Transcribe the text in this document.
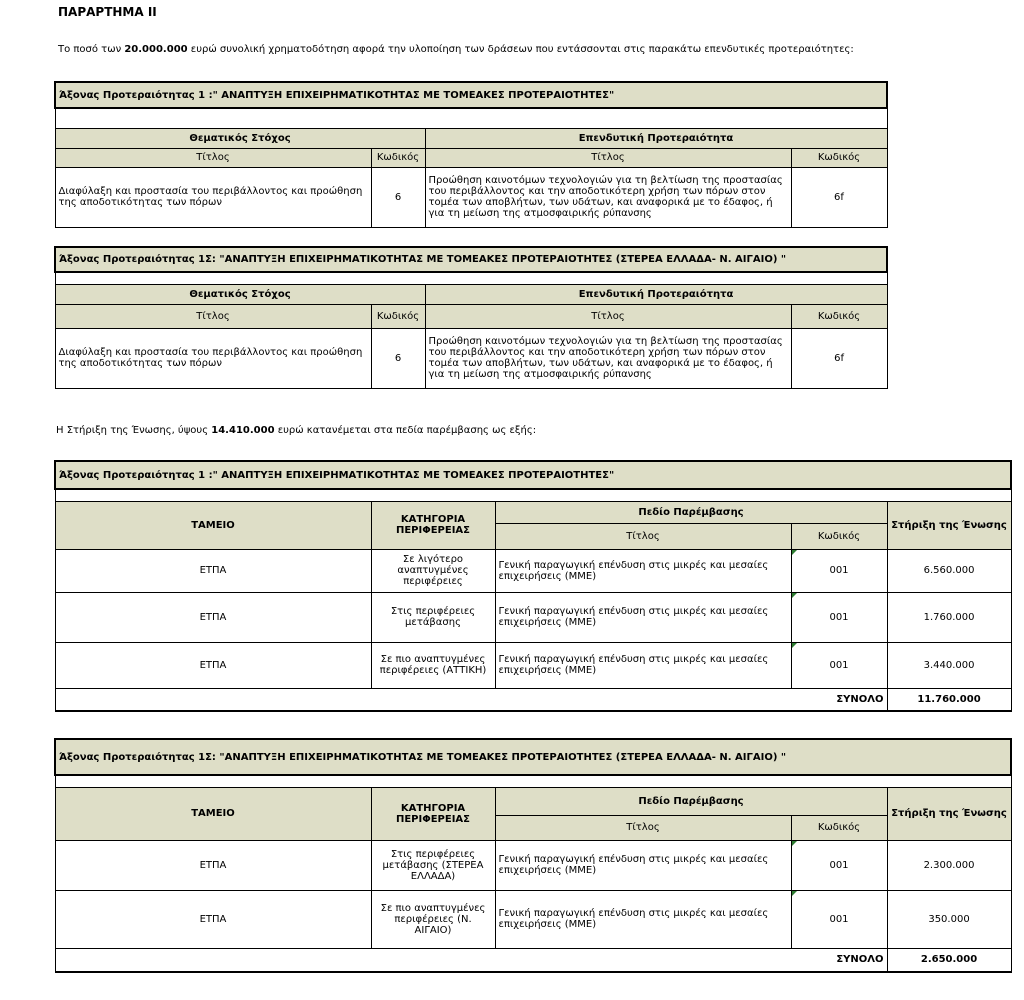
ΠΑΡΑΡΤΗΜΑ ΙΙ
Το ποσό των 20.000.000 ευρώ συνολική χρηματοδότηση αφορά την υλοποίηση των δράσεων που εντάσσονται στις παρακάτω επενδυτικές προτεραιότητες:
Άξονας Προτεραιότητας 1 :" ΑΝΑΠΤΥΞΗ ΕΠΙΧΕΙΡΗΜΑΤΙΚΟΤΗΤΑΣ ΜΕ ΤΟΜΕΑΚΕΣ ΠΡΟΤΕΡΑΙΟΤΗΤΕΣ"			

Θεματικός Στόχος		Επενδυτική Προτεραιότητα	
Τίτλος	Κωδικός	Τίτλος	Κωδικός
Διαφύλαξη και προστασία του περιβάλλοντος και προώθηση της αποδοτικότητας των πόρων	6	Προώθηση καινοτόμων τεχνολογιών για τη βελτίωση της προστασίας του περιβάλλοντος και την αποδοτικότερη χρήση των πόρων στον τομέα των αποβλήτων, των υδάτων, και αναφορικά με το έδαφος, ή για τη μείωση της ατμοσφαιρικής ρύπανσης	6f
Άξονας Προτεραιότητας 1Σ: "ΑΝΑΠΤΥΞΗ ΕΠΙΧΕΙΡΗΜΑΤΙΚΟΤΗΤΑΣ ΜΕ ΤΟΜΕΑΚΕΣ ΠΡΟΤΕΡΑΙΟΤΗΤΕΣ (ΣΤΕΡΕΑ ΕΛΛΑΔΑ- Ν. ΑΙΓΑΙΟ) "			

Θεματικός Στόχος		Επενδυτική Προτεραιότητα	
Τίτλος	Κωδικός	Τίτλος	Κωδικός
Διαφύλαξη και προστασία του περιβάλλοντος και προώθηση της αποδοτικότητας των πόρων	6	Προώθηση καινοτόμων τεχνολογιών για τη βελτίωση της προστασίας του περιβάλλοντος και την αποδοτικότερη χρήση των πόρων στον τομέα των αποβλήτων, των υδάτων, και αναφορικά με το έδαφος, ή για τη μείωση της ατμοσφαιρικής ρύπανσης	6f
Η Στήριξη της Ένωσης, ύψους 14.410.000 ευρώ κατανέμεται στα πεδία παρέμβασης ως εξής:
Άξονας Προτεραιότητας 1 :" ΑΝΑΠΤΥΞΗ ΕΠΙΧΕΙΡΗΜΑΤΙΚΟΤΗΤΑΣ ΜΕ ΤΟΜΕΑΚΕΣ ΠΡΟΤΕΡΑΙΟΤΗΤΕΣ"				

ΤΑΜΕΙΟ	ΚΑΤΗΓΟΡΙΑ ΠΕΡΙΦΕΡΕΙΑΣ	Πεδίο Παρέμβασης		Στήριξη της Ένωσης
		Τίτλος	Κωδικός	
ΕΤΠΑ	Σε λιγότερο αναπτυγμένες περιφέρειες	Γενική παραγωγική επένδυση στις μικρές και μεσαίες επιχειρήσεις (ΜΜΕ)	001	6.560.000
ΕΤΠΑ	Στις περιφέρειες μετάβασης	Γενική παραγωγική επένδυση στις μικρές και μεσαίες επιχειρήσεις (ΜΜΕ)	001	1.760.000
ΕΤΠΑ	Σε πιο αναπτυγμένες περιφέρειες (ΑΤΤΙΚΗ)	Γενική παραγωγική επένδυση στις μικρές και μεσαίες επιχειρήσεις (ΜΜΕ)	001	3.440.000
ΣΥΝΟΛΟ				11.760.000
Άξονας Προτεραιότητας 1Σ: "ΑΝΑΠΤΥΞΗ ΕΠΙΧΕΙΡΗΜΑΤΙΚΟΤΗΤΑΣ ΜΕ ΤΟΜΕΑΚΕΣ ΠΡΟΤΕΡΑΙΟΤΗΤΕΣ (ΣΤΕΡΕΑ ΕΛΛΑΔΑ- Ν. ΑΙΓΑΙΟ) "				

ΤΑΜΕΙΟ	ΚΑΤΗΓΟΡΙΑ ΠΕΡΙΦΕΡΕΙΑΣ	Πεδίο Παρέμβασης		Στήριξη της Ένωσης
		Τίτλος	Κωδικός	
ΕΤΠΑ	Στις περιφέρειες μετάβασης (ΣΤΕΡΕΑ ΕΛΛΑΔΑ)	Γενική παραγωγική επένδυση στις μικρές και μεσαίες επιχειρήσεις (ΜΜΕ)	001	2.300.000
ΕΤΠΑ	Σε πιο αναπτυγμένες περιφέρειες (Ν. ΑΙΓΑΙΟ)	Γενική παραγωγική επένδυση στις μικρές και μεσαίες επιχειρήσεις (ΜΜΕ)	001	350.000
ΣΥΝΟΛΟ				2.650.000
